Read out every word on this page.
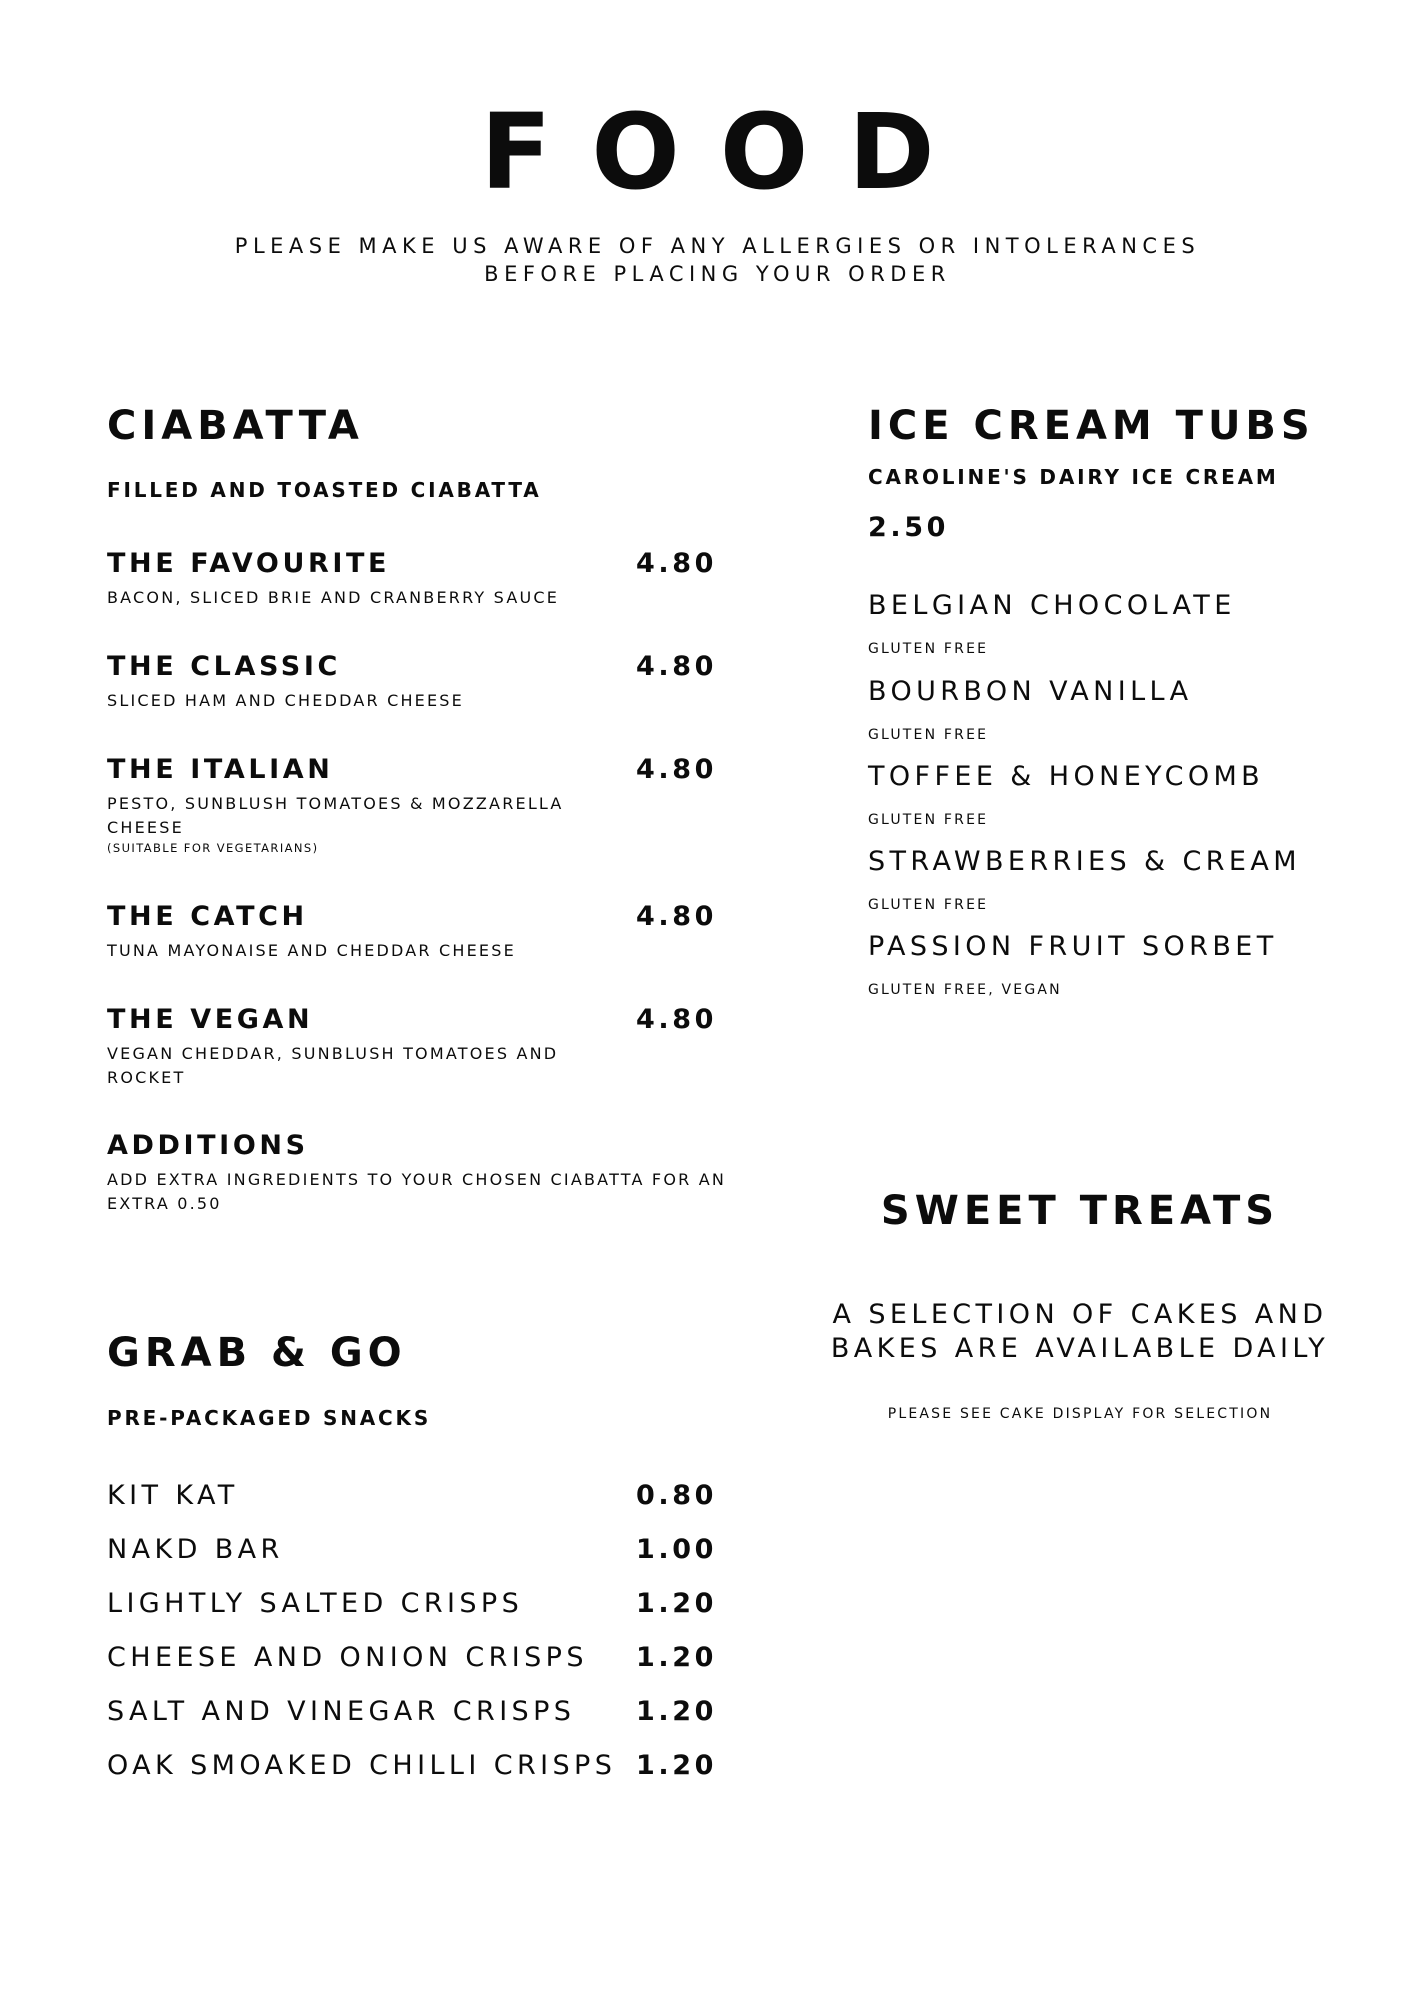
FOOD
PLEASE MAKE US AWARE OF ANY ALLERGIES OR INTOLERANCES BEFORE PLACING YOUR ORDER
CIABATTA
FILLED AND TOASTED CIABATTA
THE FAVOURITE	4.80
BACON, SLICED BRIE AND CRANBERRY SAUCE
THE CLASSIC	4.80
SLICED HAM AND CHEDDAR CHEESE
THE ITALIAN	4.80
PESTO, SUNBLUSH TOMATOES & MOZZARELLA CHEESE
(SUITABLE FOR VEGETARIANS)
THE CATCH	4.80
TUNA MAYONAISE AND CHEDDAR CHEESE
THE VEGAN	4.80
VEGAN CHEDDAR, SUNBLUSH TOMATOES AND ROCKET
ADDITIONS
ADD EXTRA INGREDIENTS TO YOUR CHOSEN CIABATTA FOR AN EXTRA 0.50
GRAB & GO
PRE-PACKAGED SNACKS
KIT KAT	0.80
NAKD BAR	1.00
LIGHTLY SALTED CRISPS	1.20
CHEESE AND ONION CRISPS 1.20
SALT AND VINEGAR CRISPS 1.20
OAK SMOAKED CHILLI CRISPS 1.20
ICE CREAM TUBS
CAROLINE'S DAIRY ICE CREAM
2.50
BELGIAN CHOCOLATE
GLUTEN FREE
BOURBON VANILLA
GLUTEN FREE
TOFFEE & HONEYCOMB
GLUTEN FREE
STRAWBERRIES & CREAM
GLUTEN FREE
PASSION FRUIT SORBET
GLUTEN FREE, VEGAN
SWEET TREATS
A SELECTION OF CAKES AND BAKES ARE AVAILABLE DAILY
PLEASE SEE CAKE DISPLAY FOR SELECTION
